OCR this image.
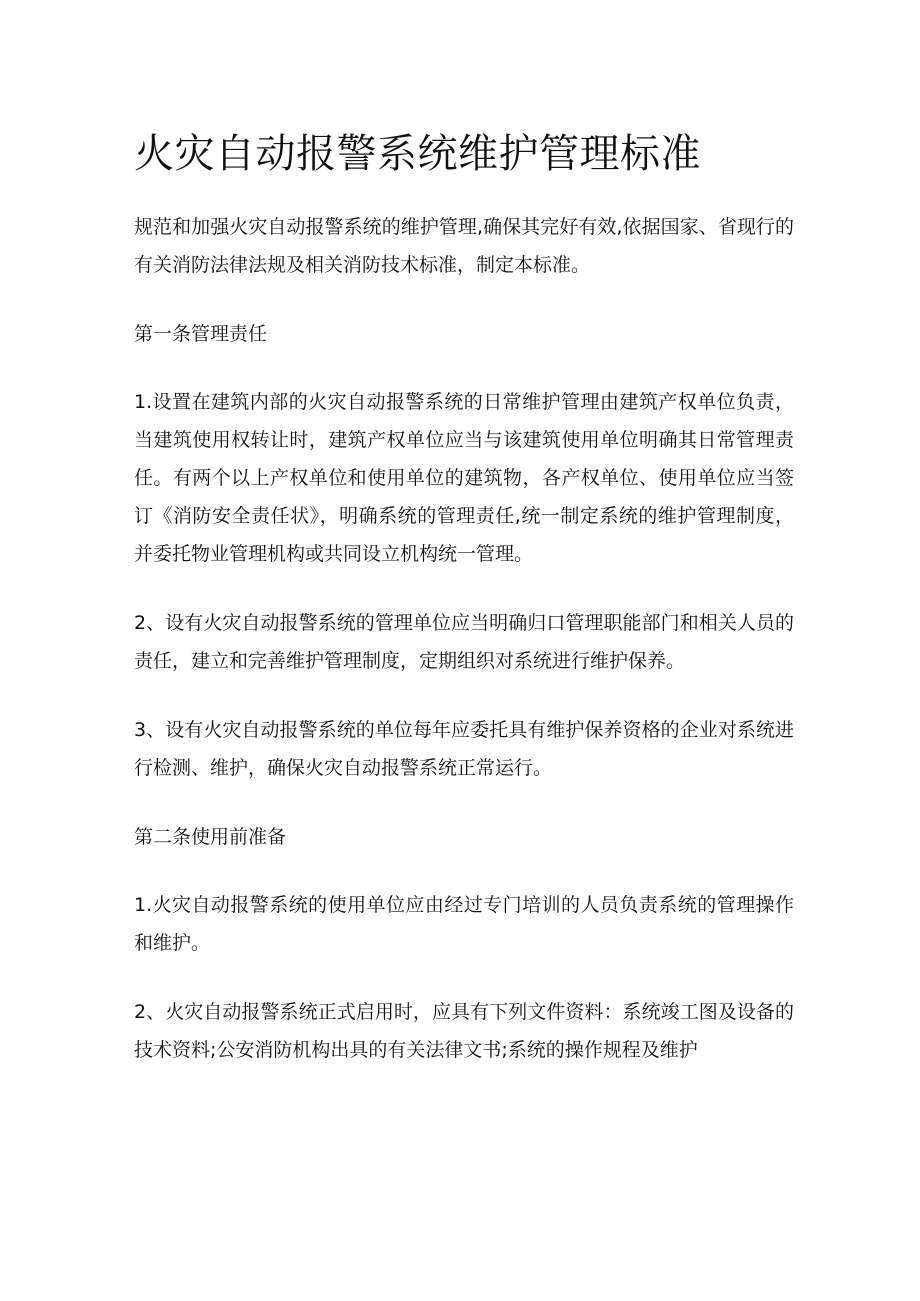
火灾自动报警系统维护管理标准

规范和加强火灾自动报警系统的维护管理,确保其完好有效,依据国家、省现行的有关消防法律法规及相关消防技术标准，制定本标准。

第一条管理责任

1.设置在建筑内部的火灾自动报警系统的日常维护管理由建筑产权单位负责，当建筑使用权转让时，建筑产权单位应当与该建筑使用单位明确其日常管理责任。有两个以上产权单位和使用单位的建筑物，各产权单位、使用单位应当签订《消防安全责任状》，明确系统的管理责任,统一制定系统的维护管理制度，并委托物业管理机构或共同设立机构统一管理。

2、设有火灾自动报警系统的管理单位应当明确归口管理职能部门和相关人员的责任，建立和完善维护管理制度，定期组织对系统进行维护保养。

3、设有火灾自动报警系统的单位每年应委托具有维护保养资格的企业对系统进行检测、维护，确保火灾自动报警系统正常运行。

第二条使用前准备

1.火灾自动报警系统的使用单位应由经过专门培训的人员负责系统的管理操作和维护。

2、火灾自动报警系统正式启用时，应具有下列文件资料：系统竣工图及设备的技术资料;公安消防机构出具的有关法律文书;系统的操作规程及维护
